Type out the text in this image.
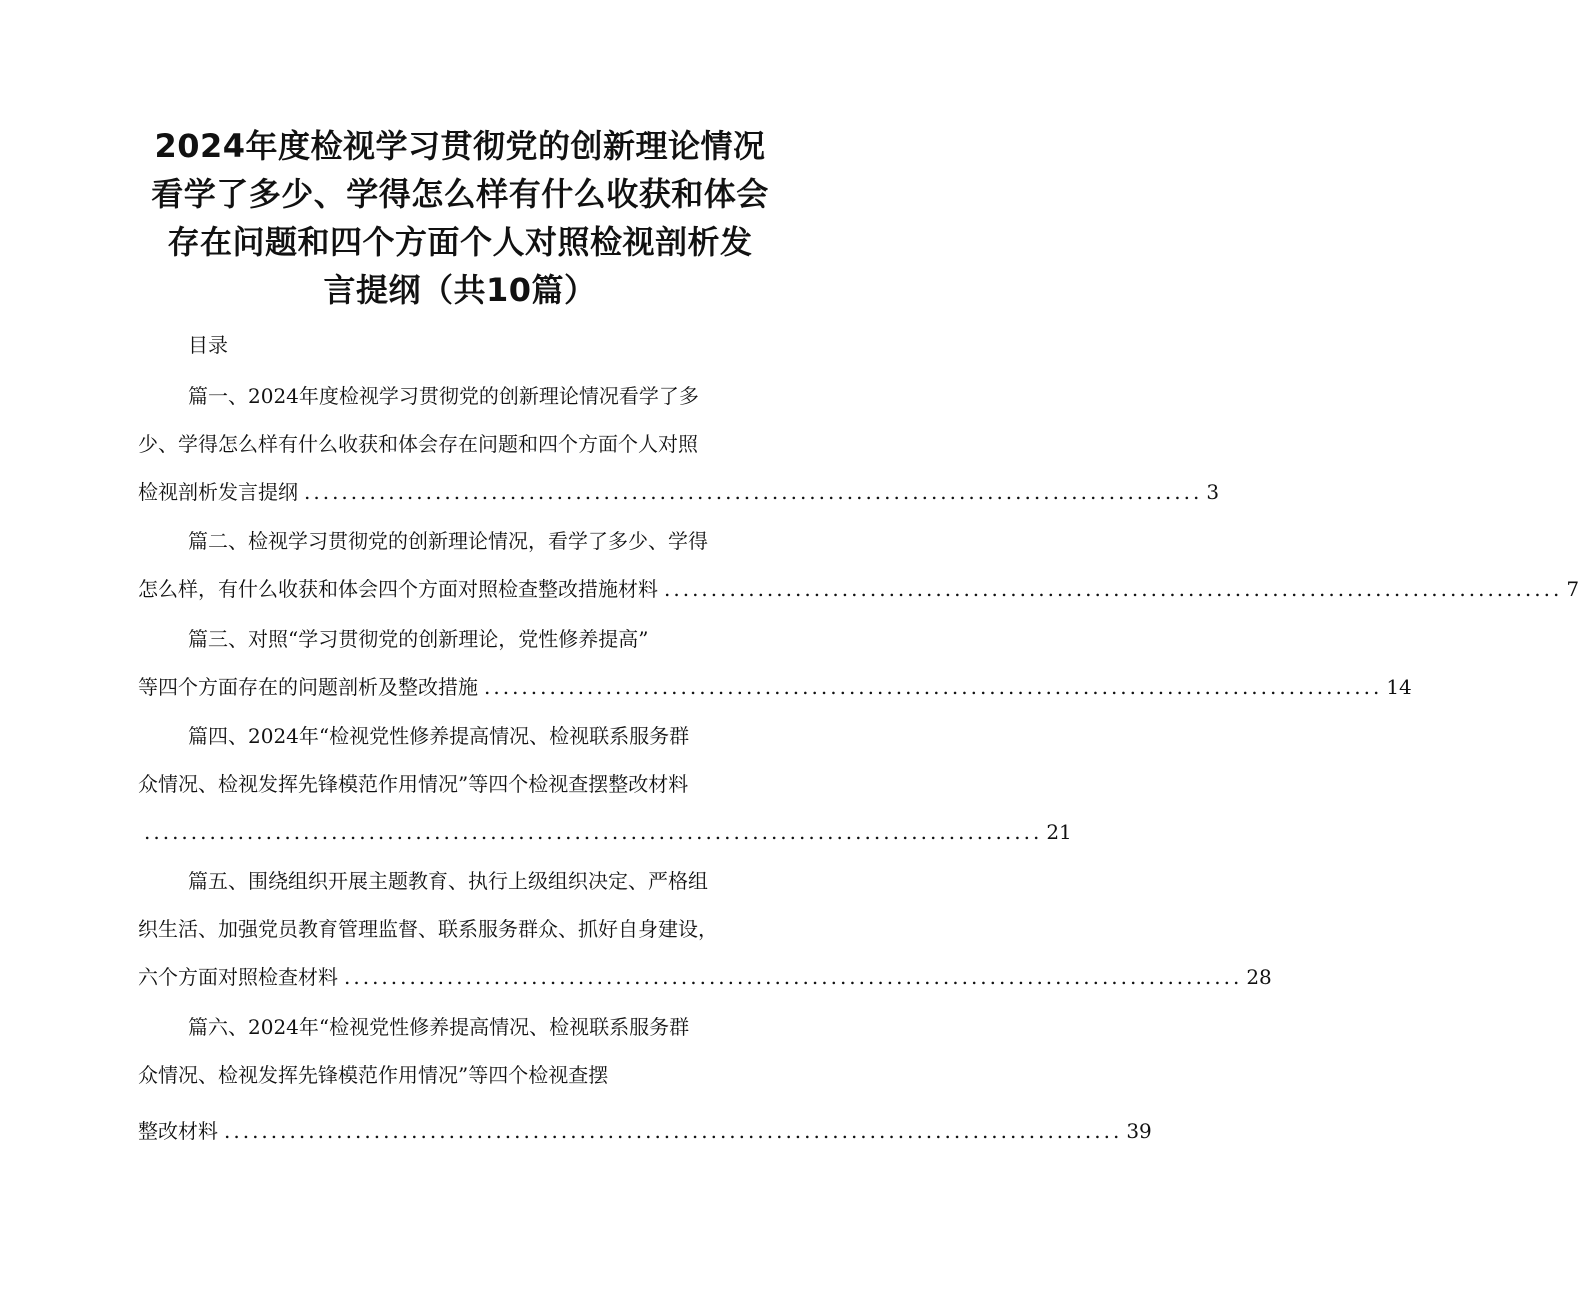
2024年度检视学习贯彻党的创新理论情况
看学了多少、学得怎么样有什么收获和体会
存在问题和四个方面个人对照检视剖析发
言提纲（共10篇）
目录
篇一、2024年度检视学习贯彻党的创新理论情况看学了多
少、学得怎么样有什么收获和体会存在问题和四个方面个人对照
检视剖析发言提纲 ................................................................................................ 3
篇二、检视学习贯彻党的创新理论情况，看学了多少、学得
怎么样，有什么收获和体会四个方面对照检查整改措施材料 ................................................................................................ 7
篇三、对照“学习贯彻党的创新理论，党性修养提高”
等四个方面存在的问题剖析及整改措施 ................................................................................................ 14
篇四、2024年“检视党性修养提高情况、检视联系服务群
众情况、检视发挥先锋模范作用情况”等四个检视查摆整改材料
................................................................................................ 21
篇五、围绕组织开展主题教育、执行上级组织决定、严格组
织生活、加强党员教育管理监督、联系服务群众、抓好自身建设，
六个方面对照检查材料 ................................................................................................ 28
篇六、2024年“检视党性修养提高情况、检视联系服务群
众情况、检视发挥先锋模范作用情况”等四个检视查摆
整改材料 ................................................................................................ 39
